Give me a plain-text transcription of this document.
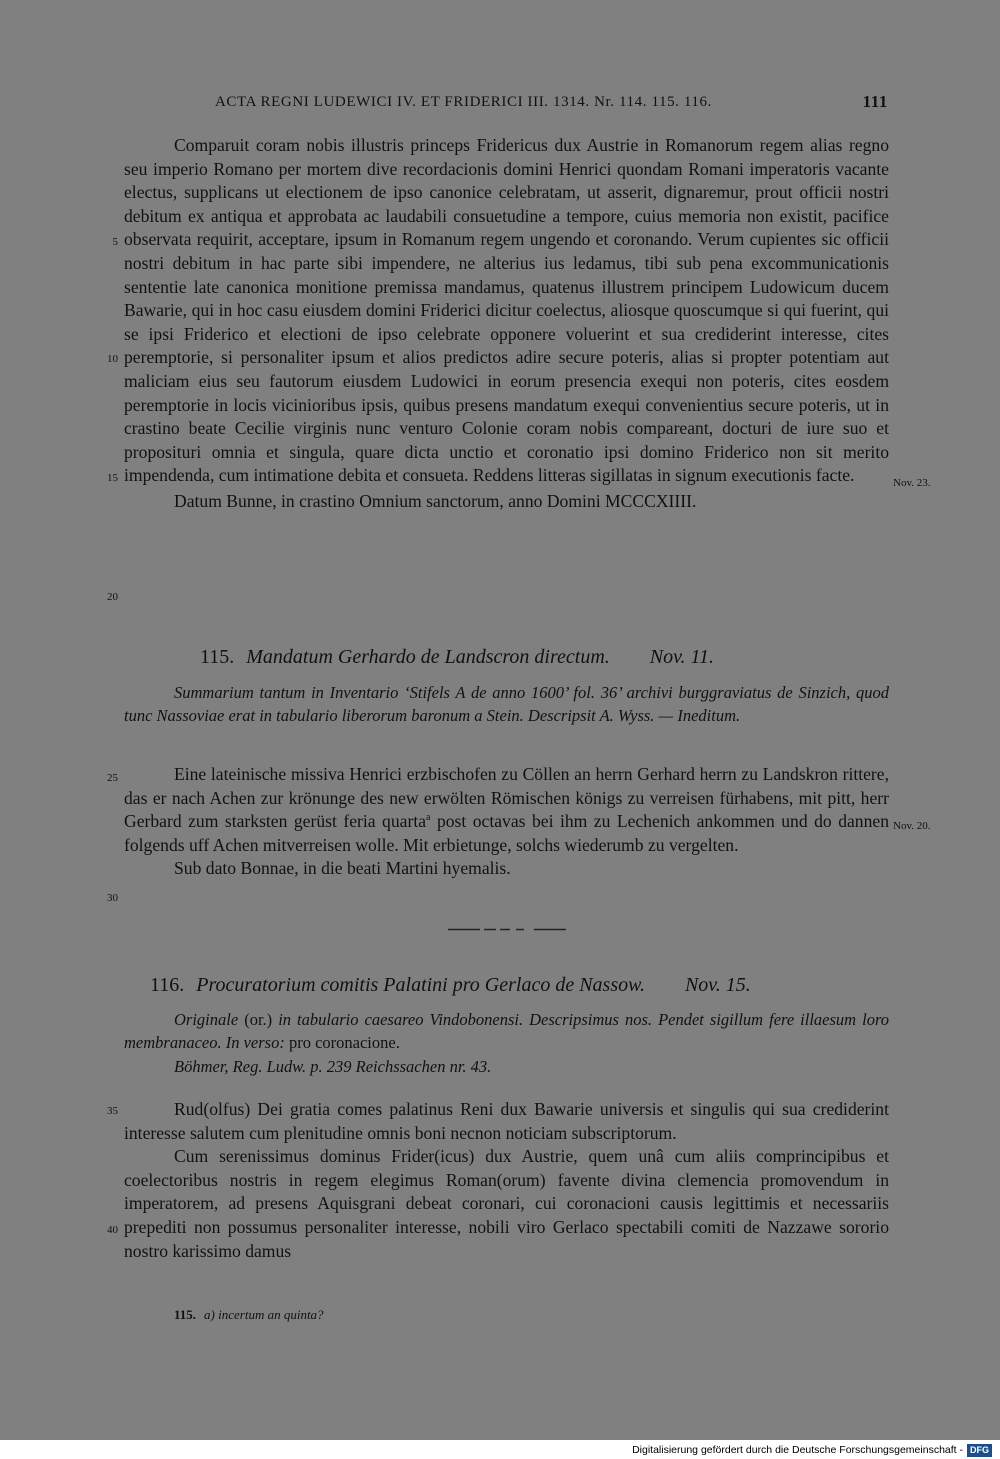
ACTA REGNI LUDEWICI IV. ET FRIDERICI III. 1314. Nr. 114. 115. 116.	111

Comparuit coram nobis illustris princeps Fridericus dux Austrie in Romanorum regem alias regno seu imperio Romano per mortem dive recordacionis domini Henrici quondam Romani imperatoris vacante electus, supplicans ut electionem de ipso canonice celebratam, ut asserit, dignaremur, prout officii nostri debitum ex antiqua et approbata ac laudabili consuetudine a tempore, cuius memoria non existit, pacifice observata requirit, acceptare, ipsum in Romanum regem ungendo et coronando. Verum cupientes sic officii nostri debitum in hac parte sibi impendere, ne alterius ius ledamus, tibi sub pena excommunicationis sententie late canonica monitione premissa mandamus, quatenus illustrem principem Ludowicum ducem Bawarie, qui in hoc casu eiusdem domini Friderici dicitur coelectus, aliosque quoscumque si qui fuerint, qui se ipsi Friderico et electioni de ipso celebrate opponere voluerint et sua crediderint interesse, cites peremptorie, si personaliter ipsum et alios predictos adire secure poteris, alias si propter potentiam aut maliciam eius seu fautorum eiusdem Ludowici in eorum presencia exequi non poteris, cites eosdem peremptorie in locis vicinioribus ipsis, quibus presens mandatum exequi convenientius secure poteris, ut in crastino beate Cecilie virginis nunc venturo Colonie coram nobis compareant, docturi de iure suo et proposituri omnia et singula, quare dicta unctio et coronatio ipsi domino Friderico non sit merito impendenda, cum intimatione debita et consueta. Reddens litteras sigillatas in signum executionis facte.

Datum Bunne, in crastino Omnium sanctorum, anno Domini MCCCXIIII.

5
10
15
20
Nov. 23.
115. Mandatum Gerhardo de Landscron directum. Nov. 11.

Summarium tantum in Inventario ‘Stifels A de anno 1600’ fol. 36’ archivi burggraviatus de Sinzich, quod tunc Nassoviae erat in tabulario liberorum baronum a Stein. Descripsit A. Wyss. — Ineditum.

Eine lateinische missiva Henrici erzbischofen zu Cöllen an herrn Gerhard herrn zu Landskron rittere, das er nach Achen zur krönunge des new erwölten Römischen königs zu verreisen fürhabens, mit pitt, herr Gerbard zum starksten gerüst feria quarta$^a$ post octavas bei ihm zu Lechenich ankommen und do dannen folgends uff Achen mitverreisen wolle. Mit erbietunge, solchs wiederumb zu vergelten.

Sub dato Bonnae, in die beati Martini hyemalis.

25
30
Nov. 20.
116. Procuratorium comitis Palatini pro Gerlaco de Nassow. Nov. 15.

Originale (or.) in tabulario caesareo Vindobonensi. Descripsimus nos. Pendet sigillum fere illaesum loro membranaceo. In verso: pro coronacione.

Böhmer, Reg. Ludw. p. 239 Reichssachen nr. 43.

Rud(olfus) Dei gratia comes palatinus Reni dux Bawarie universis et singulis qui sua crediderint interesse salutem cum plenitudine omnis boni necnon noticiam subscriptorum.

Cum serenissimus dominus Frider(icus) dux Austrie, quem unâ cum aliis comprincipibus et coelectoribus nostris in regem elegimus Roman(orum) favente divina clemencia promovendum in imperatorem, ad presens Aquisgrani debeat coronari, cui coronacioni causis legittimis et necessariis prepediti non possumus personaliter interesse, nobili viro Gerlaco spectabili comiti de Nazzawe sororio nostro karissimo damus

35
40
115. a) incertum an quinta?
Digitalisierung gefördert durch die Deutsche Forschungsgemeinschaft - DFG
